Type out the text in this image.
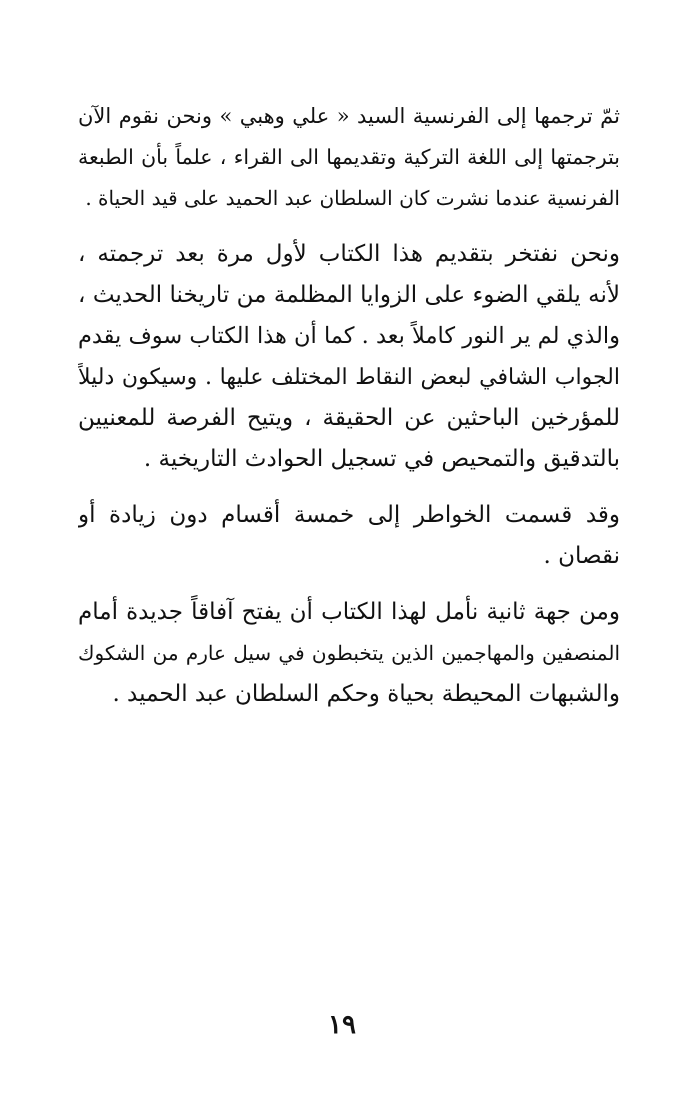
ثمّ ترجمها إلى الفرنسية السيد « علي وهبي » ونحن نقوم الآن
بترجمتها إلى اللغة التركية وتقديمها الى القراء ، علماً بأن الطبعة
الفرنسية عندما نشرت كان السلطان عبد الحميد على قيد الحياة .
ونحن نفتخر بتقديم هذا الكتاب لأول مرة بعد ترجمته ،
لأنه يلقي الضوء على الزوايا المظلمة من تاريخنا الحديث ،
والذي لم ير النور كاملاً بعد . كما أن هذا الكتاب سوف يقدم
الجواب الشافي لبعض النقاط المختلف عليها . وسيكون دليلاً
للمؤرخين الباحثين عن الحقيقة ، ويتيح الفرصة للمعنيين
بالتدقيق والتمحيص في تسجيل الحوادث التاريخية .
وقد قسمت الخواطر إلى خمسة أقسام دون زيادة أو
نقصان .
ومن جهة ثانية نأمل لهذا الكتاب أن يفتح آفاقاً جديدة أمام
المنصفين والمهاجمين الذين يتخبطون في سيل عارم من الشكوك
والشبهات المحيطة بحياة وحكم السلطان عبد الحميد .
١٩
